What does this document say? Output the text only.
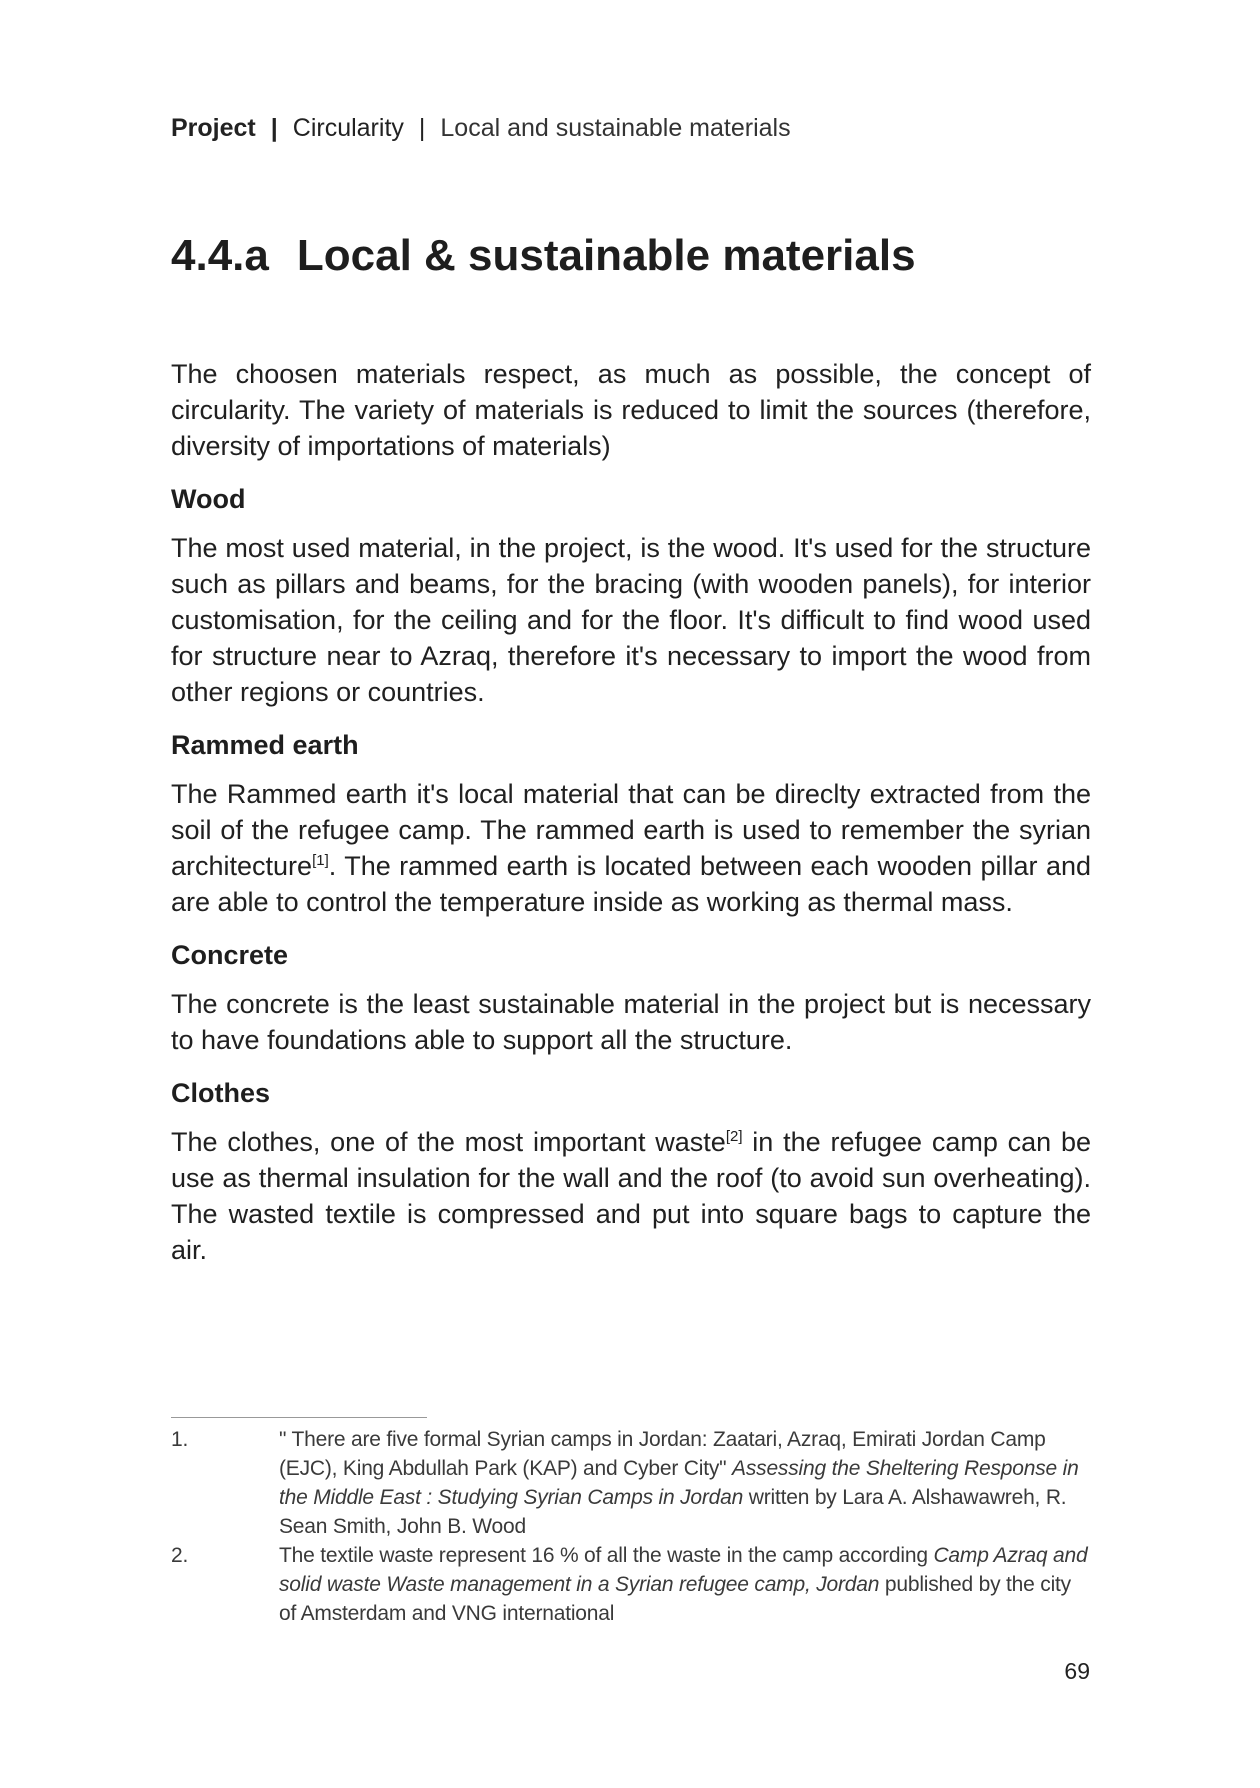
Project | Circularity | Local and sustainable materials
4.4.a Local & sustainable materials

The choosen materials respect, as much as possible, the concept of circularity. The variety of materials is reduced to limit the sources (therefore, diversity of importations of materials)

Wood

The most used material, in the project, is the wood. It's used for the structure such as pillars and beams, for the bracing (with wooden panels), for interior customisation, for the ceiling and for the floor. It's difficult to find wood used for structure near to Azraq, therefore it's necessary to import the wood from other regions or countries.

Rammed earth

The Rammed earth it's local material that can be direclty extracted from the soil of the refugee camp. The rammed earth is used to remember the syrian architecture[1]. The rammed earth is located between each wooden pillar and are able to control the temperature inside as working as thermal mass.

Concrete

The concrete is the least sustainable material in the project but is necessary to have foundations able to support all the structure.

Clothes

The clothes, one of the most important waste[2] in the refugee camp can be use as thermal insulation for the wall and the roof (to avoid sun overheating). The wasted textile is compressed and put into square bags to capture the air.

1.	" There are five formal Syrian camps in Jordan: Zaatari, Azraq, Emirati Jordan Camp (EJC), King Abdullah Park (KAP) and Cyber City" Assessing the Sheltering Response in the Middle East : Studying Syrian Camps in Jordan written by Lara A. Alshawawreh, R. Sean Smith, John B. Wood
2.	The textile waste represent 16 % of all the waste in the camp according Camp Azraq and solid waste Waste management in a Syrian refugee camp, Jordan published by the city of Amsterdam and VNG international
69
